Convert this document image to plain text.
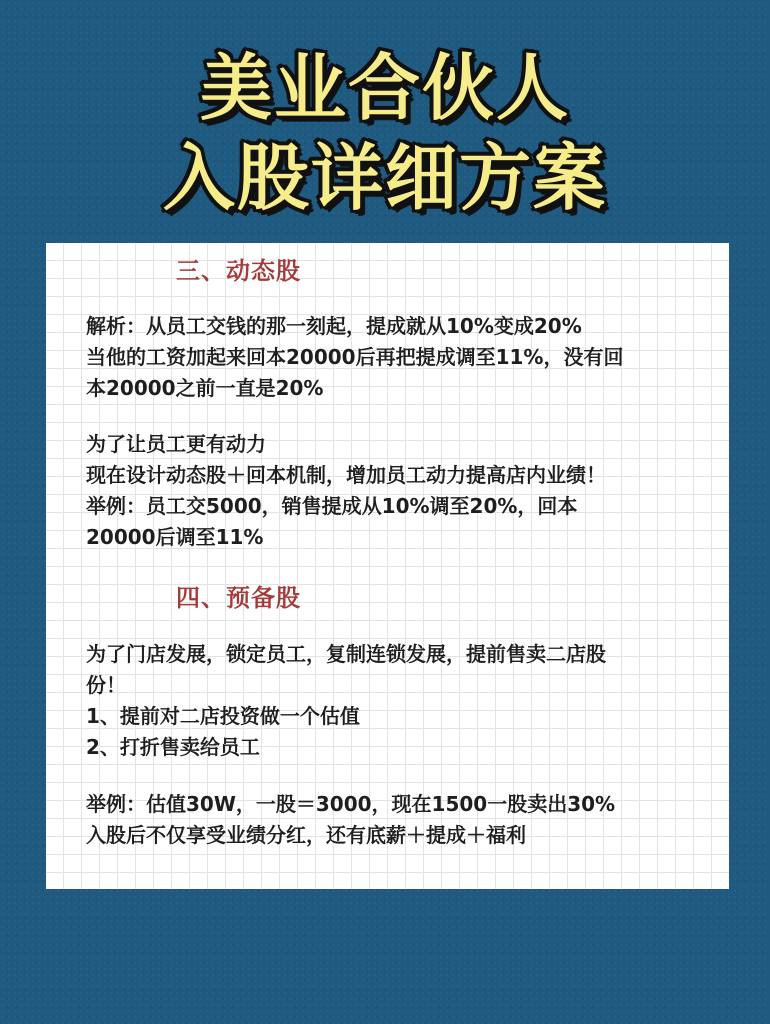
美业合伙人
入股详细方案
三、动态股
解析：从员工交钱的那一刻起，提成就从10%变成20%
当他的工资加起来回本20000后再把提成调至11%，没有回
本20000之前一直是20%
为了让员工更有动力
现在设计动态股＋回本机制，增加员工动力提高店内业绩！
举例：员工交5000，销售提成从10%调至20%，回本
20000后调至11%
四、预备股
为了门店发展，锁定员工，复制连锁发展，提前售卖二店股
份！
1、提前对二店投资做一个估值
2、打折售卖给员工
举例：估值30W，一股＝3000，现在1500一股卖出30%
入股后不仅享受业绩分红，还有底薪＋提成＋福利
